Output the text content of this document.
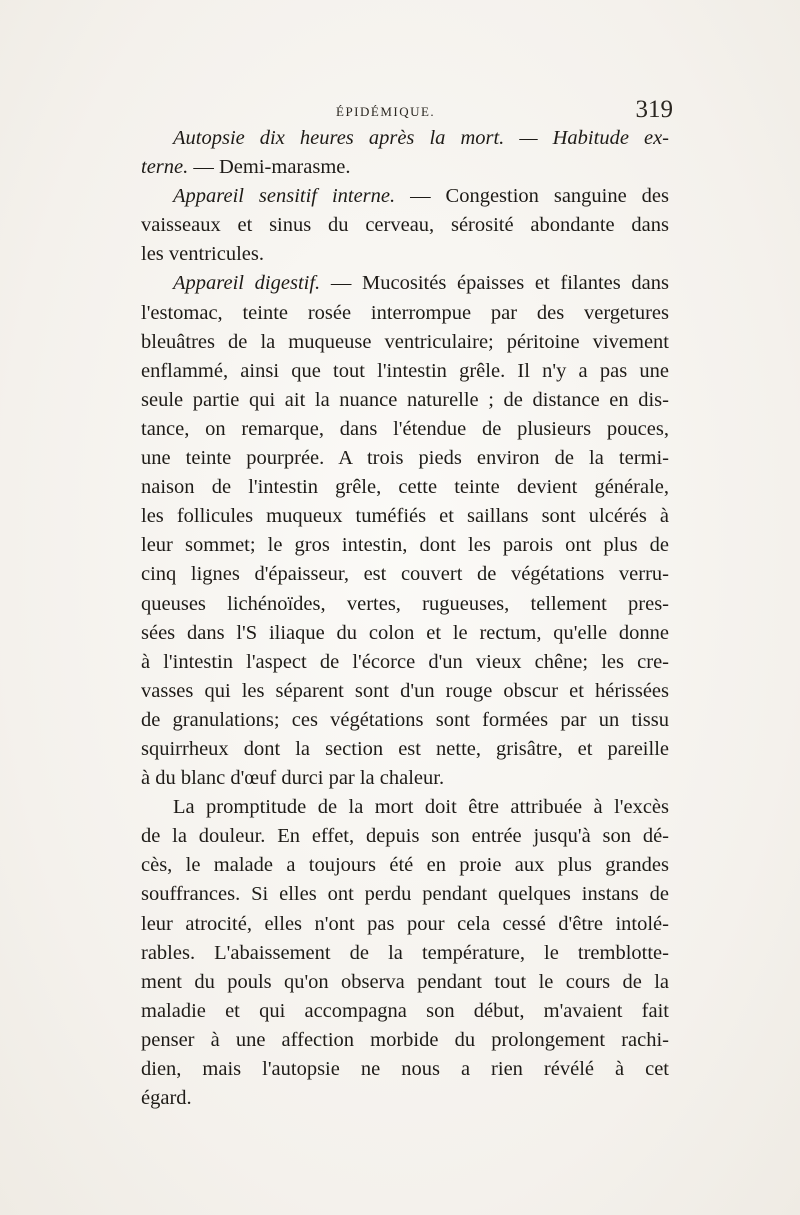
ÉPIDÉMIQUE.	319
Autopsie dix heures après la mort. — Habitude ex-
terne. — Demi-marasme.
Appareil sensitif interne. — Congestion sanguine des
vaisseaux et sinus du cerveau, sérosité abondante dans
les ventricules.
Appareil digestif. — Mucosités épaisses et filantes dans
l'estomac, teinte rosée interrompue par des vergetures
bleuâtres de la muqueuse ventriculaire; péritoine vivement
enflammé, ainsi que tout l'intestin grêle. Il n'y a pas une
seule partie qui ait la nuance naturelle ; de distance en dis-
tance, on remarque, dans l'étendue de plusieurs pouces,
une teinte pourprée. A trois pieds environ de la termi-
naison de l'intestin grêle, cette teinte devient générale,
les follicules muqueux tuméfiés et saillans sont ulcérés à
leur sommet; le gros intestin, dont les parois ont plus de
cinq lignes d'épaisseur, est couvert de végétations verru-
queuses lichénoïdes, vertes, rugueuses, tellement pres-
sées dans l'S iliaque du colon et le rectum, qu'elle donne
à l'intestin l'aspect de l'écorce d'un vieux chêne; les cre-
vasses qui les séparent sont d'un rouge obscur et hérissées
de granulations; ces végétations sont formées par un tissu
squirrheux dont la section est nette, grisâtre, et pareille
à du blanc d'œuf durci par la chaleur.
La promptitude de la mort doit être attribuée à l'excès
de la douleur. En effet, depuis son entrée jusqu'à son dé-
cès, le malade a toujours été en proie aux plus grandes
souffrances. Si elles ont perdu pendant quelques instans de
leur atrocité, elles n'ont pas pour cela cessé d'être intolé-
rables. L'abaissement de la température, le tremblotte-
ment du pouls qu'on observa pendant tout le cours de la
maladie et qui accompagna son début, m'avaient fait
penser à une affection morbide du prolongement rachi-
dien, mais l'autopsie ne nous a rien révélé à cet
égard.
